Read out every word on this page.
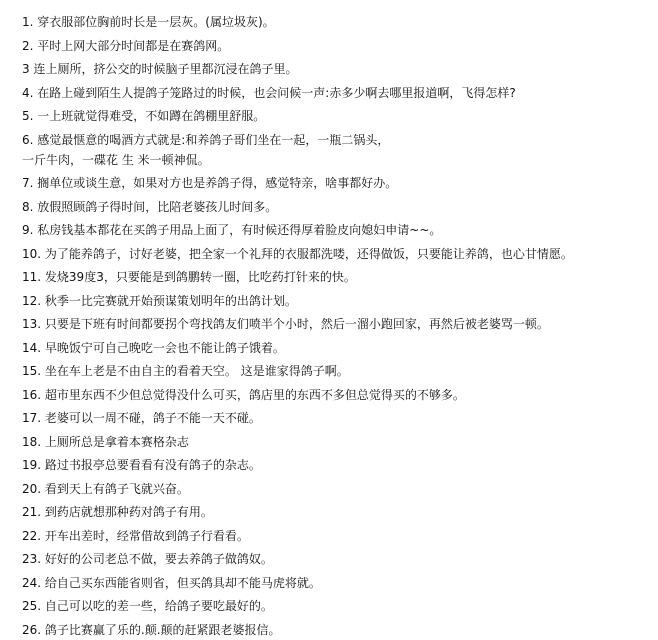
1. 穿衣服部位胸前时长是一层灰。(属垃圾灰)。
2. 平时上网大部分时间都是在赛鸽网。
3 连上厕所，挤公交的时候脑子里都沉浸在鸽子里。
4. 在路上碰到陌生人提鸽子笼路过的时候，也会问候一声:赤多少啊去哪里报道啊，飞得怎样?
5. 一上班就觉得难受，不如蹲在鸽棚里舒服。
6. 感觉最惬意的喝酒方式就是:和养鸽子哥们坐在一起，一瓶二锅头，
一斤牛肉，一碟花 生 米一顿神侃。
7. 搁单位或谈生意，如果对方也是养鸽子得，感觉特亲，啥事都好办。
8. 放假照顾鸽子得时间，比陪老婆孩儿时间多。
9. 私房钱基本都花在买鸽子用品上面了，有时候还得厚着脸皮向媳妇申请~~。
10. 为了能养鸽子，讨好老婆，把全家一个礼拜的衣服都洗喽，还得做饭，只要能让养鸽，也心甘情愿。
11. 发烧39度3，只要能是到鸽鹏转一圈，比吃药打针来的快。
12. 秋季一比完赛就开始预谋策划明年的出鸽计划。
13. 只要是下班有时间都要拐个弯找鸽友们喷半个小时，然后一溜小跑回家，再然后被老婆骂一顿。
14. 早晚饭宁可自己晚吃一会也不能让鸽子饿着。
15. 坐在车上老是不由自主的看着天空。 这是谁家得鸽子啊。
16. 超市里东西不少但总觉得没什么可买，鸽店里的东西不多但总觉得买的不够多。
17. 老婆可以一周不碰，鸽子不能一天不碰。
18. 上厕所总是拿着本赛格杂志
19. 路过书报亭总要看看有没有鸽子的杂志。
20. 看到天上有鸽子飞就兴奋。
21. 到药店就想那种药对鸽子有用。
22. 开车出差时，经常借故到鸽子行看看。
23. 好好的公司老总不做，要去养鸽子做鸽奴。
24. 给自己买东西能省则省，但买鸽具却不能马虎将就。
25. 自己可以吃的差一些，给鸽子要吃最好的。
26. 鸽子比赛赢了乐的.颠.颠的赶紧跟老婆报信。
